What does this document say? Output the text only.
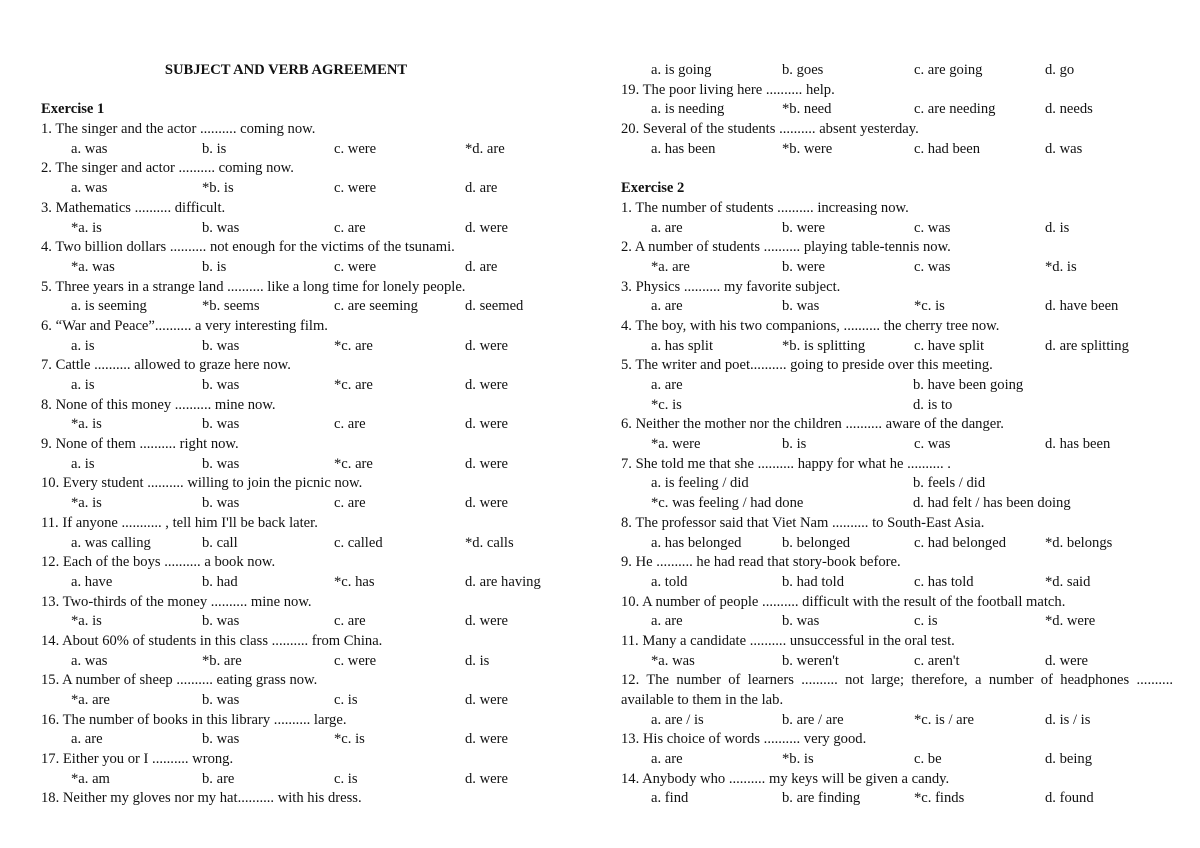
SUBJECT AND VERB AGREEMENT
Exercise 1
1. The singer and the actor .......... coming now.
a. was	b. is	c. were	*d. are
2. The singer and actor .......... coming now.
a. was	*b. is	c. were	d. are
3. Mathematics .......... difficult.
*a. is	b. was	c. are	d. were
4. Two billion dollars .......... not enough for the victims of the tsunami.
*a. was	b. is	c. were	d. are
5. Three years in a strange land .......... like a long time for lonely people.
a. is seeming	*b. seems	c. are seeming	d. seemed
6. “War and Peace”.......... a very interesting film.
a. is	b. was	*c. are	d. were
7. Cattle .......... allowed to graze here now.
a. is	b. was	*c. are	d. were
8. None of this money .......... mine now.
*a. is	b. was	c. are	d. were
9. None of them .......... right now.
a. is	b. was	*c. are	d. were
10. Every student .......... willing to join the picnic now.
*a. is	b. was	c. are	d. were
11. If anyone ........... , tell him I'll be back later.
a. was calling	b. call	c. called	*d. calls
12. Each of the boys .......... a book now.
a. have	b. had	*c. has	d. are having
13. Two-thirds of the money .......... mine now.
*a. is	b. was	c. are	d. were
14. About 60% of students in this class .......... from China.
a. was	*b. are	c. were	d. is
15. A number of sheep .......... eating grass now.
*a. are	b. was	c. is	d. were
16. The number of books in this library .......... large.
a. are	b. was	*c. is	d. were
17. Either you or I .......... wrong.
*a. am	b. are	c. is	d. were
18. Neither my gloves nor my hat.......... with his dress.
a. is going	b. goes	c. are going	d. go
19. The poor living here .......... help.
a. is needing	*b. need	c. are needing	d. needs
20. Several of the students .......... absent yesterday.
a. has been	*b. were	c. had been	d. was
Exercise 2
1. The number of students .......... increasing now.
a. are	b. were	c. was	d. is
2. A number of students .......... playing table-tennis now.
*a. are	b. were	c. was	*d. is
3. Physics .......... my favorite subject.
a. are	b. was	*c. is	d. have been
4. The boy, with his two companions, .......... the cherry tree now.
a. has split	*b. is splitting	c. have split	d. are splitting
5. The writer and poet.......... going to preside over this meeting.
a. are	b. have been going
*c. is	d. is to
6. Neither the mother nor the children .......... aware of the danger.
*a. were	b. is	c. was	d. has been
7. She told me that she .......... happy for what he .......... .
a. is feeling / did	b. feels / did
*c. was feeling / had done	d. had felt / has been doing
8. The professor said that Viet Nam .......... to South-East Asia.
a. has belonged	b. belonged	c. had belonged	*d. belongs
9. He .......... he had read that story-book before.
a. told	b. had told	c. has told	*d. said
10. A number of people .......... difficult with the result of the football match.
a. are	b. was	c. is	*d. were
11. Many a candidate .......... unsuccessful in the oral test.
*a. was	b. weren't	c. aren't	d. were
12. The number of learners .......... not large; therefore, a number of headphones .......... available to them in the lab.
a. are / is	b. are / are	*c. is / are	d. is / is
13. His choice of words .......... very good.
a. are	*b. is	c. be	d. being
14. Anybody who .......... my keys will be given a candy.
a. find	b. are finding	*c. finds	d. found
